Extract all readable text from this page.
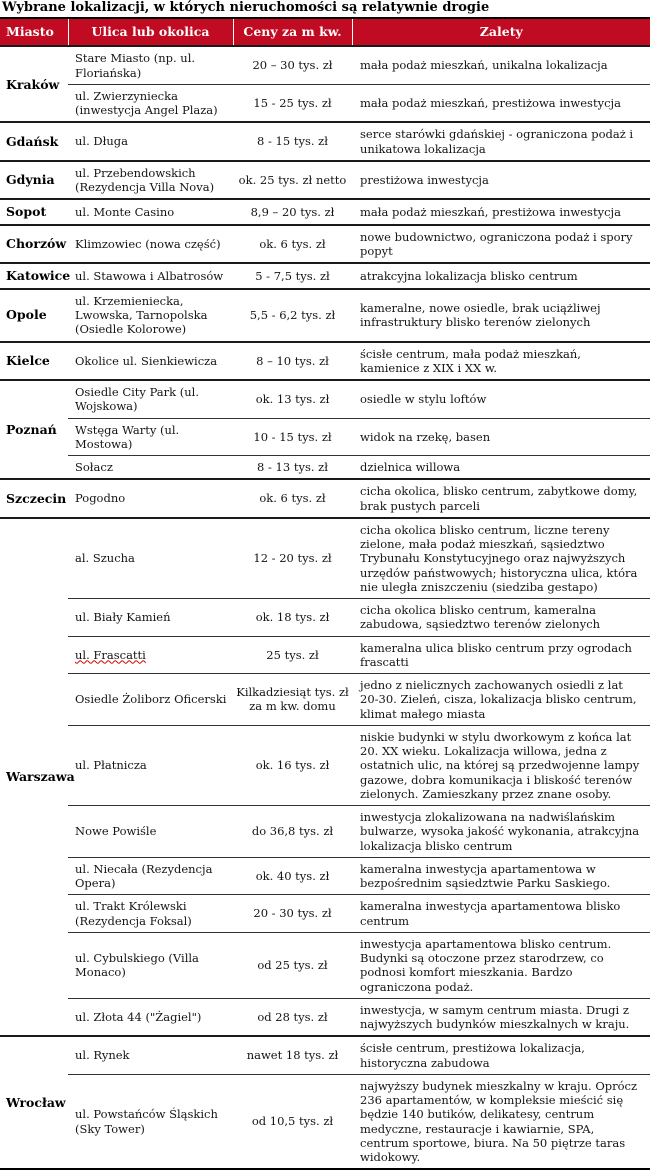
Wybrane lokalizacji, w których nieruchomości są relatywnie drogie
Miasto	Ulica lub okolica	Ceny za m kw.	Zalety
Kraków	Stare Miasto (np. ul. Floriańska)	20 – 30 tys. zł	mała podaż mieszkań, unikalna lokalizacja
	ul. Zwierzyniecka (inwestycja Angel Plaza)	15 - 25 tys. zł	mała podaż mieszkań, prestiżowa inwestycja
Gdańsk	ul. Długa	8 - 15 tys. zł	serce starówki gdańskiej - ograniczona podaż i unikatowa lokalizacja
Gdynia	ul. Przebendowskich (Rezydencja Villa Nova)	ok. 25 tys. zł netto	prestiżowa inwestycja
Sopot	ul. Monte Casino	8,9 – 20 tys. zł	mała podaż mieszkań, prestiżowa inwestycja
Chorzów	Klimzowiec (nowa część)	ok. 6 tys. zł	nowe budownictwo, ograniczona podaż i spory popyt
Katowice	ul. Stawowa i Albatrosów	5 - 7,5 tys. zł	atrakcyjna lokalizacja blisko centrum
Opole	ul. Krzemieniecka, Lwowska, Tarnopolska (Osiedle Kolorowe)	5,5 - 6,2 tys. zł	kameralne, nowe osiedle, brak uciążliwej infrastruktury blisko terenów zielonych
Kielce	Okolice ul. Sienkiewicza	8 – 10 tys. zł	ścisłe centrum, mała podaż mieszkań, kamienice z XIX i XX w.
Poznań	Osiedle City Park (ul. Wojskowa)	ok. 13 tys. zł	osiedle w stylu loftów
	Wstęga Warty (ul. Mostowa)	10 - 15 tys. zł	widok na rzekę, basen
	Sołacz	8 - 13 tys. zł	dzielnica willowa
Szczecin	Pogodno	ok. 6 tys. zł	cicha okolica, blisko centrum, zabytkowe domy, brak pustych parceli
Warszawa	al. Szucha	12 - 20 tys. zł	cicha okolica blisko centrum, liczne tereny zielone, mała podaż mieszkań, sąsiedztwo Trybunału Konstytucyjnego oraz najwyższych urzędów państwowych; historyczna ulica, która nie uległa zniszczeniu (siedziba gestapo)
	ul. Biały Kamień	ok. 18 tys. zł	cicha okolica blisko centrum, kameralna zabudowa, sąsiedztwo terenów zielonych
	ul. Frascatti	25 tys. zł	kameralna ulica blisko centrum przy ogrodach frascatti
	Osiedle Żoliborz Oficerski	Kilkadziesiąt tys. zł za m kw. domu	jedno z nielicznych zachowanych osiedli z lat 20-30. Zieleń, cisza, lokalizacja blisko centrum, klimat małego miasta
	ul. Płatnicza	ok. 16 tys. zł	niskie budynki w stylu dworkowym z końca lat 20. XX wieku. Lokalizacja willowa, jedna z ostatnich ulic, na której są przedwojenne lampy gazowe, dobra komunikacja i bliskość terenów zielonych. Zamieszkany przez znane osoby.
	Nowe Powiśle	do 36,8 tys. zł	inwestycja zlokalizowana na nadwiślańskim bulwarze, wysoka jakość wykonania, atrakcyjna lokalizacja blisko centrum
	ul. Niecała (Rezydencja Opera)	ok. 40 tys. zł	kameralna inwestycja apartamentowa w bezpośrednim sąsiedztwie Parku Saskiego.
	ul. Trakt Królewski (Rezydencja Foksal)	20 - 30 tys. zł	kameralna inwestycja apartamentowa blisko centrum
	ul. Cybulskiego (Villa Monaco)	od 25 tys. zł	inwestycja apartamentowa blisko centrum. Budynki są otoczone przez starodrzew, co podnosi komfort mieszkania. Bardzo ograniczona podaż.
	ul. Złota 44 ("Żagiel")	od 28 tys. zł	inwestycja, w samym centrum miasta. Drugi z najwyższych budynków mieszkalnych w kraju.
Wrocław	ul. Rynek	nawet 18 tys. zł	ścisłe centrum, prestiżowa lokalizacja, historyczna zabudowa
	ul. Powstańców Śląskich (Sky Tower)	od 10,5 tys. zł	najwyższy budynek mieszkalny w kraju. Oprócz 236 apartamentów, w kompleksie mieścić się będzie 140 butików, delikatesy, centrum medyczne, restauracje i kawiarnie, SPA, centrum sportowe, biura. Na 50 piętrze taras widokowy.
